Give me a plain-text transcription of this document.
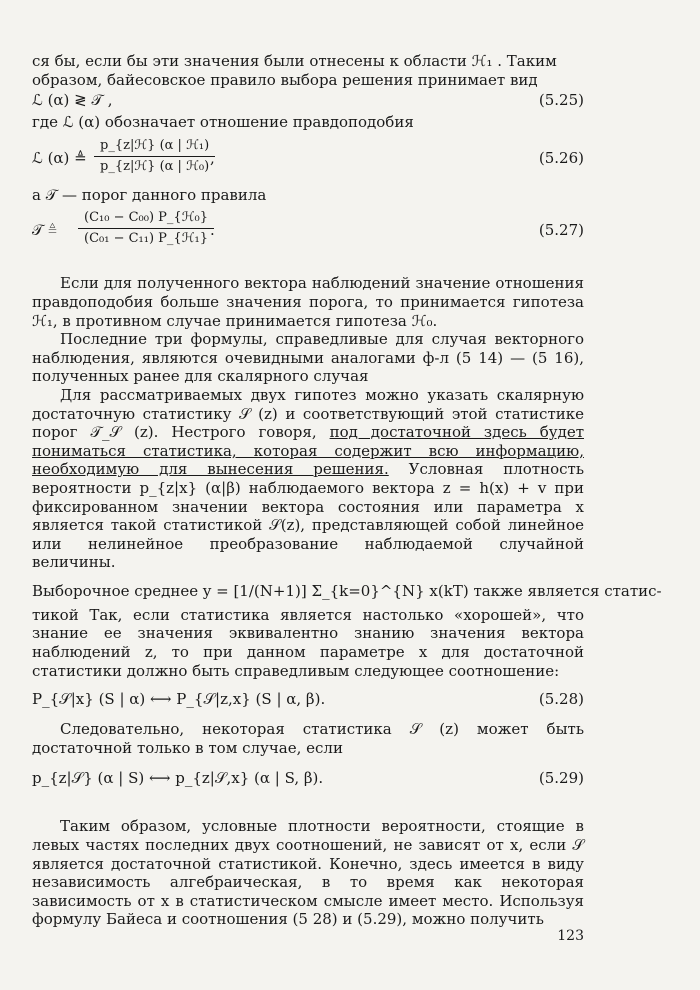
ся бы, если бы эти значения были отнесены к области ℋ₁ . Таким

образом, байесовское правило выбора решения принимает вид

ℒ (α) ≷ 𝒯 ,	(5.25)

где ℒ (α) обозначает отношение правдоподобия

ℒ (α) ≜
p_{z|ℋ} (α | ℋ₁)
p_{z|ℋ} (α | ℋ₀) ,	(5.26)

а 𝒯 — порог данного правила

𝒯 ≜
(C₁₀ − C₀₀) P_{ℋ₀}
(C₀₁ − C₁₁) P_{ℋ₁} .	(5.27)

Если для полученного вектора наблюдений значение отношения правдоподобия больше значения порога, то принимается гипотеза ℋ₁, в противном случае принимается гипотеза ℋ₀.

Последние три формулы, справедливые для случая векторного наблюдения, являются очевидными аналогами ф-л (5 14) — (5 16), полученных ранее для скалярного случая

Для рассматриваемых двух гипотез можно указать скалярную достаточную статистику 𝒮 (z) и соответствующий этой статистике порог 𝒯_𝒮 (z). Нестрого говоря, под достаточной здесь будет пониматься статистика, которая содержит всю информацию, необходимую для вынесения решения. Условная плотность вероятности p_{z|x} (α|β) наблюдаемого вектора z = h(x) + v при фиксированном значении вектора состояния или параметра x является такой статистикой 𝒮(z), представляющей собой линейное или нелинейное преобразование наблюдаемой случайной величины.

Выборочное среднее y = [1/(N+1)] Σ_{k=0}^{N} x(kT) также является статис-

тикой Так, если статистика является настолько «хорошей», что знание ее значения эквивалентно знанию значения вектора наблюдений z, то при данном параметре x для достаточной статистики должно быть справедливым следующее соотношение:

P_{𝒮|x} (S | α) ⟷ P_{𝒮|z,x} (S | α, β).	(5.28)

Следовательно, некоторая статистика 𝒮 (z) может быть достаточной только в том случае, если

p_{z|𝒮} (α | S) ⟷ p_{z|𝒮,x} (α | S, β).	(5.29)

Таким образом, условные плотности вероятности, стоящие в левых частях последних двух соотношений, не зависят от x, если 𝒮 является достаточной статистикой. Конечно, здесь имеется в виду независимость алгебраическая, в то время как некоторая зависимость от x в статистическом смысле имеет место. Используя формулу Байеса и соотношения (5 28) и (5.29), можно получить

123
